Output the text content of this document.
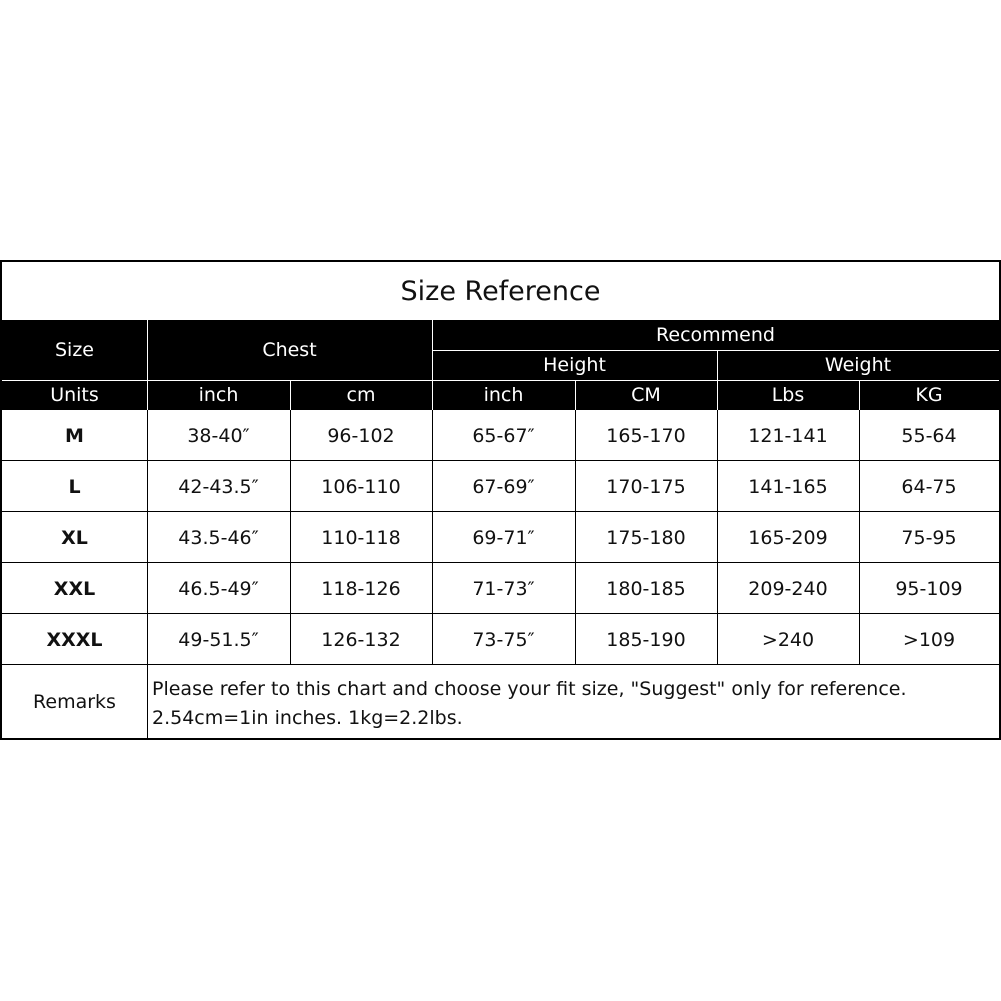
Size Reference
Size	Chest
Recommend
Height	Weight
Units	inch	cm	inch	CM	Lbs	KG
M	38-40″	96-102	65-67″	165-170	121-141	55-64
L	42-43.5″	106-110	67-69″	170-175	141-165	64-75
XL	43.5-46″	110-118	69-71″	175-180	165-209	75-95
XXL	46.5-49″	118-126	71-73″	180-185	209-240	95-109
XXXL	49-51.5″	126-132	73-75″	185-190	>240	>109
Remarks
Please refer to this chart and choose your fit size, "Suggest" only for reference.
2.54cm=1in inches. 1kg=2.2lbs.
